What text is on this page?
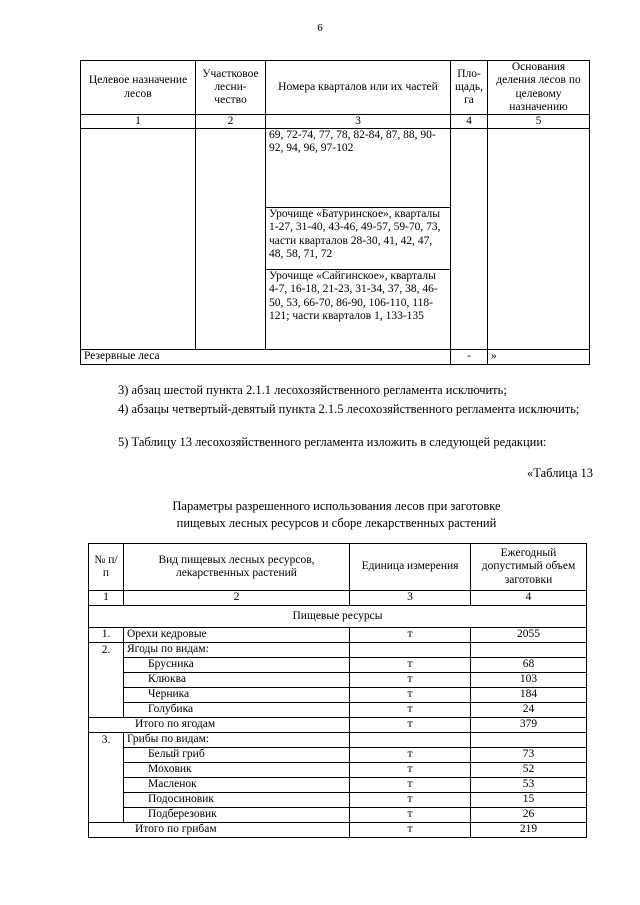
6
Целевое назначение лесов	Участковое лесни-чество	Номера кварталов или их частей	Пло-щадь, га	Основания деления лесов по целевому назначению
1	2	3	4	5
		69, 72-74, 77, 78, 82-84, 87, 88, 90-92, 94, 96, 97-102		
		Урочище «Батуринское», кварталы 1-27, 31-40, 43-46, 49-57, 59-70, 73, части кварталов 28-30, 41, 42, 47, 48, 58, 71, 72		
		Урочище «Сайгинское», кварталы 4-7, 16-18, 21-23, 31-34, 37, 38, 46-50, 53, 66-70, 86-90, 106-110, 118-121; части кварталов 1, 133-135		
Резервные леса			-	»
3) абзац шестой пункта 2.1.1 лесохозяйственного регламента исключить;
4) абзацы четвертый-девятый пункта 2.1.5 лесохозяйственного регламента исключить;
5) Таблицу 13 лесохозяйственного регламента изложить в следующей редакции:
«Таблица 13
Параметры разрешенного использования лесов при заготовке
пищевых лесных ресурсов и сборе лекарственных растений
№ п/п	Вид пищевых лесных ресурсов, лекарственных растений	Единица измерения	Ежегодный допустимый объем заготовки
1	2	3	4
Пищевые ресурсы			
1.	Орехи кедровые	т	2055
2.	Ягоды по видам:		
	Брусника	т	68
	Клюква	т	103
	Черника	т	184
	Голубика	т	24
Итого по ягодам		т	379
3.	Грибы по видам:		
	Белый гриб	т	73
	Моховик	т	52
	Масленок	т	53
	Подосиновик	т	15
	Подберезовик	т	26
Итого по грибам		т	219
